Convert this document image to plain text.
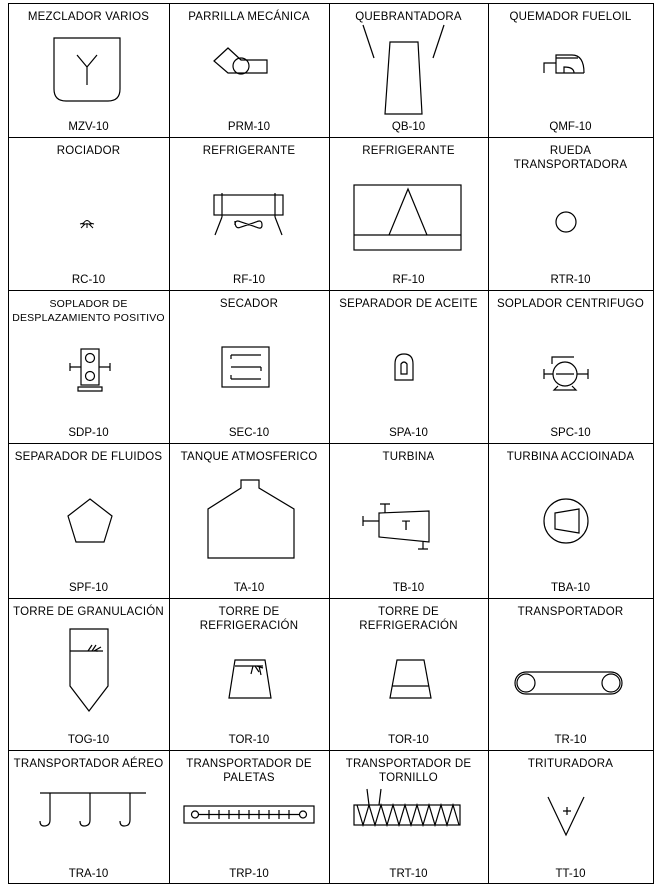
MEZCLADOR VARIOS
MZV-10
PARRILLA MECÁNICA
PRM-10
QUEBRANTADORA
QB-10
QUEMADOR FUELOIL
QMF-10
ROCIADOR
RC-10
REFRIGERANTE
RF-10
REFRIGERANTE
RF-10
RUEDA
TRANSPORTADORA
RTR-10
SOPLADOR DE
DESPLAZAMIENTO POSITIVO
SDP-10
SECADOR
SEC-10
SEPARADOR DE ACEITE
SPA-10
SOPLADOR CENTRIFUGO
SPC-10
SEPARADOR DE FLUIDOS
SPF-10
TANQUE ATMOSFERICO
TA-10
TURBINA
T
TB-10
TURBINA ACCIOINADA
TBA-10
TORRE DE GRANULACIÓN
TOG-10
TORRE DE
REFRIGERACIÓN
TOR-10
TORRE DE
REFRIGERACIÓN
TOR-10
TRANSPORTADOR
TR-10
TRANSPORTADOR AÉREO
TRA-10
TRANSPORTADOR DE
PALETAS
TRP-10
TRANSPORTADOR DE
TORNILLO
TRT-10
TRITURADORA
TT-10
